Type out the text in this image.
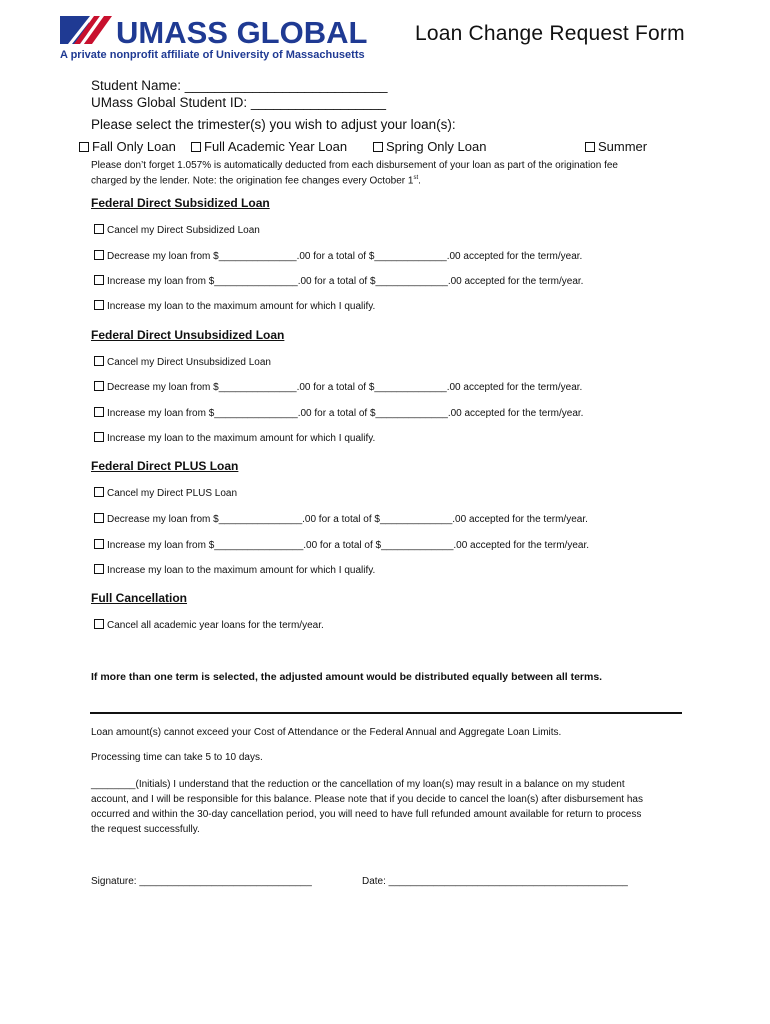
UMASS GLOBAL
A private nonprofit affiliate of University of Massachusetts
Loan Change Request Form
Student Name: ___________________________
UMass Global Student ID: __________________
Please select the trimester(s) you wish to adjust your loan(s):
Fall Only Loan	Full Academic Year Loan	Spring Only Loan	Summer
Please don’t forget 1.057% is automatically deducted from each disbursement of your loan as part of the origination fee
charged by the lender. Note: the origination fee changes every October 1st.
Federal Direct Subsidized Loan
Cancel my Direct Subsidized Loan
Decrease my loan from $______________.00 for a total of $_____________.00 accepted for the term/year.
Increase my loan from $_______________.00 for a total of $_____________.00 accepted for the term/year.
Increase my loan to the maximum amount for which I qualify.
Federal Direct Unsubsidized Loan
Cancel my Direct Unsubsidized Loan
Decrease my loan from $______________.00 for a total of $_____________.00 accepted for the term/year.
Increase my loan from $_______________.00 for a total of $_____________.00 accepted for the term/year.
Increase my loan to the maximum amount for which I qualify.
Federal Direct PLUS Loan
Cancel my Direct PLUS Loan
Decrease my loan from $_______________.00 for a total of $_____________.00 accepted for the term/year.
Increase my loan from $________________.00 for a total of $_____________.00 accepted for the term/year.
Increase my loan to the maximum amount for which I qualify.
Full Cancellation
Cancel all academic year loans for the term/year.
If more than one term is selected, the adjusted amount would be distributed equally between all terms.
Loan amount(s) cannot exceed your Cost of Attendance or the Federal Annual and Aggregate Loan Limits.
Processing time can take 5 to 10 days.
________(Initials) I understand that the reduction or the cancellation of my loan(s) may result in a balance on my student
account, and I will be responsible for this balance. Please note that if you decide to cancel the loan(s) after disbursement has
occurred and within the 30-day cancellation period, you will need to have full refunded amount available for return to process
the request successfully.
Signature: _______________________________	Date: ___________________________________________
